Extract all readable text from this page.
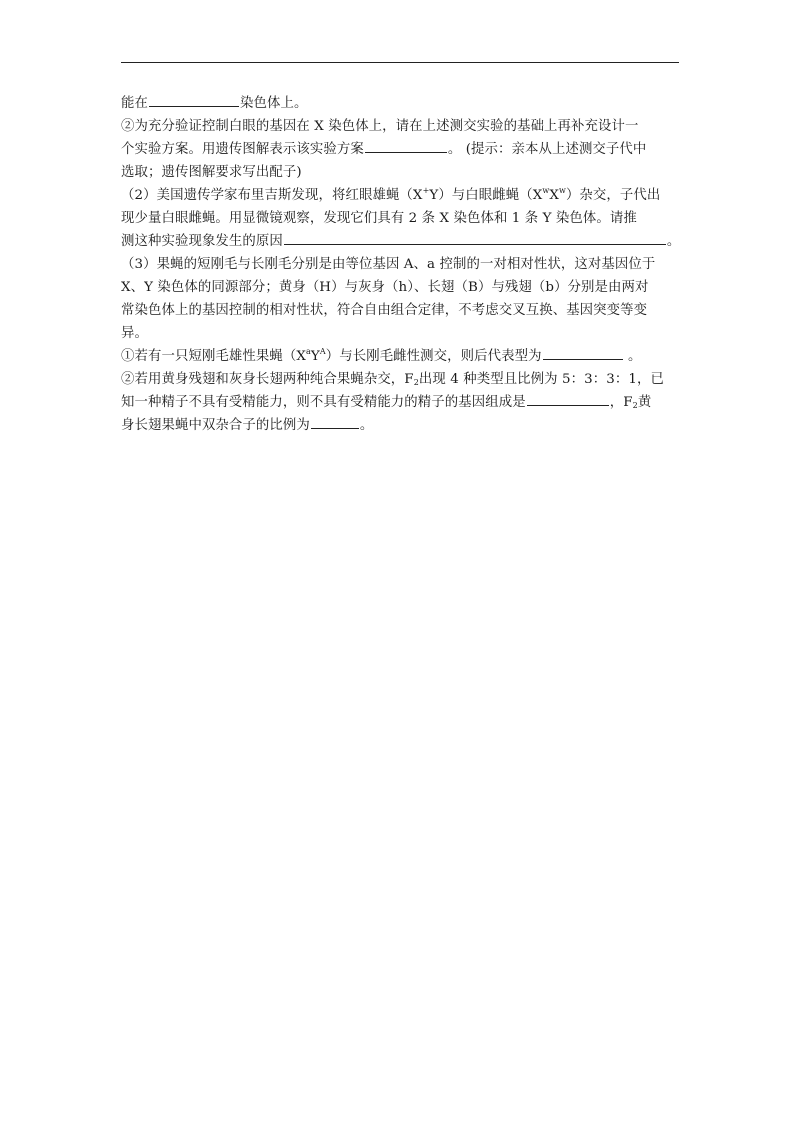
能在	染色体上。
②为充分验证控制白眼的基因在 X 染色体上，请在上述测交实验的基础上再补充设计一
个实验方案。用遗传图解表示该实验方案	。 (提示：亲本从上述测交子代中
选取；遗传图解要求写出配子)
（2）美国遗传学家布里吉斯发现，将红眼雄蝇（X+Y）与白眼雌蝇$(X^wX^w)$杂交，子代出
现少量白眼雌蝇。用显微镜观察，发现它们具有 2 条 X 染色体和 1 条 Y 染色体。请推
测这种实验现象发生的原因	。
（3）果蝇的短刚毛与长刚毛分别是由等位基因 A、a 控制的一对相对性状，这对基因位于
X、Y 染色体的同源部分；黄身（H）与灰身（h）、长翅（B）与残翅（b）分别是由两对
常染色体上的基因控制的相对性状，符合自由组合定律，不考虑交叉互换、基因突变等变
异。
①若有一只短刚毛雄性果蝇$(X^aY^A)$与长刚毛雌性测交，则后代表型为	。
②若用黄身残翅和灰身长翅两种纯合果蝇杂交，$F_2$出现 4 种类型且比例为 5：3：3：1，已
知一种精子不具有受精能力，则不具有受精能力的精子的基因组成是	，$F_2$黄
身长翅果蝇中双杂合子的比例为	。
